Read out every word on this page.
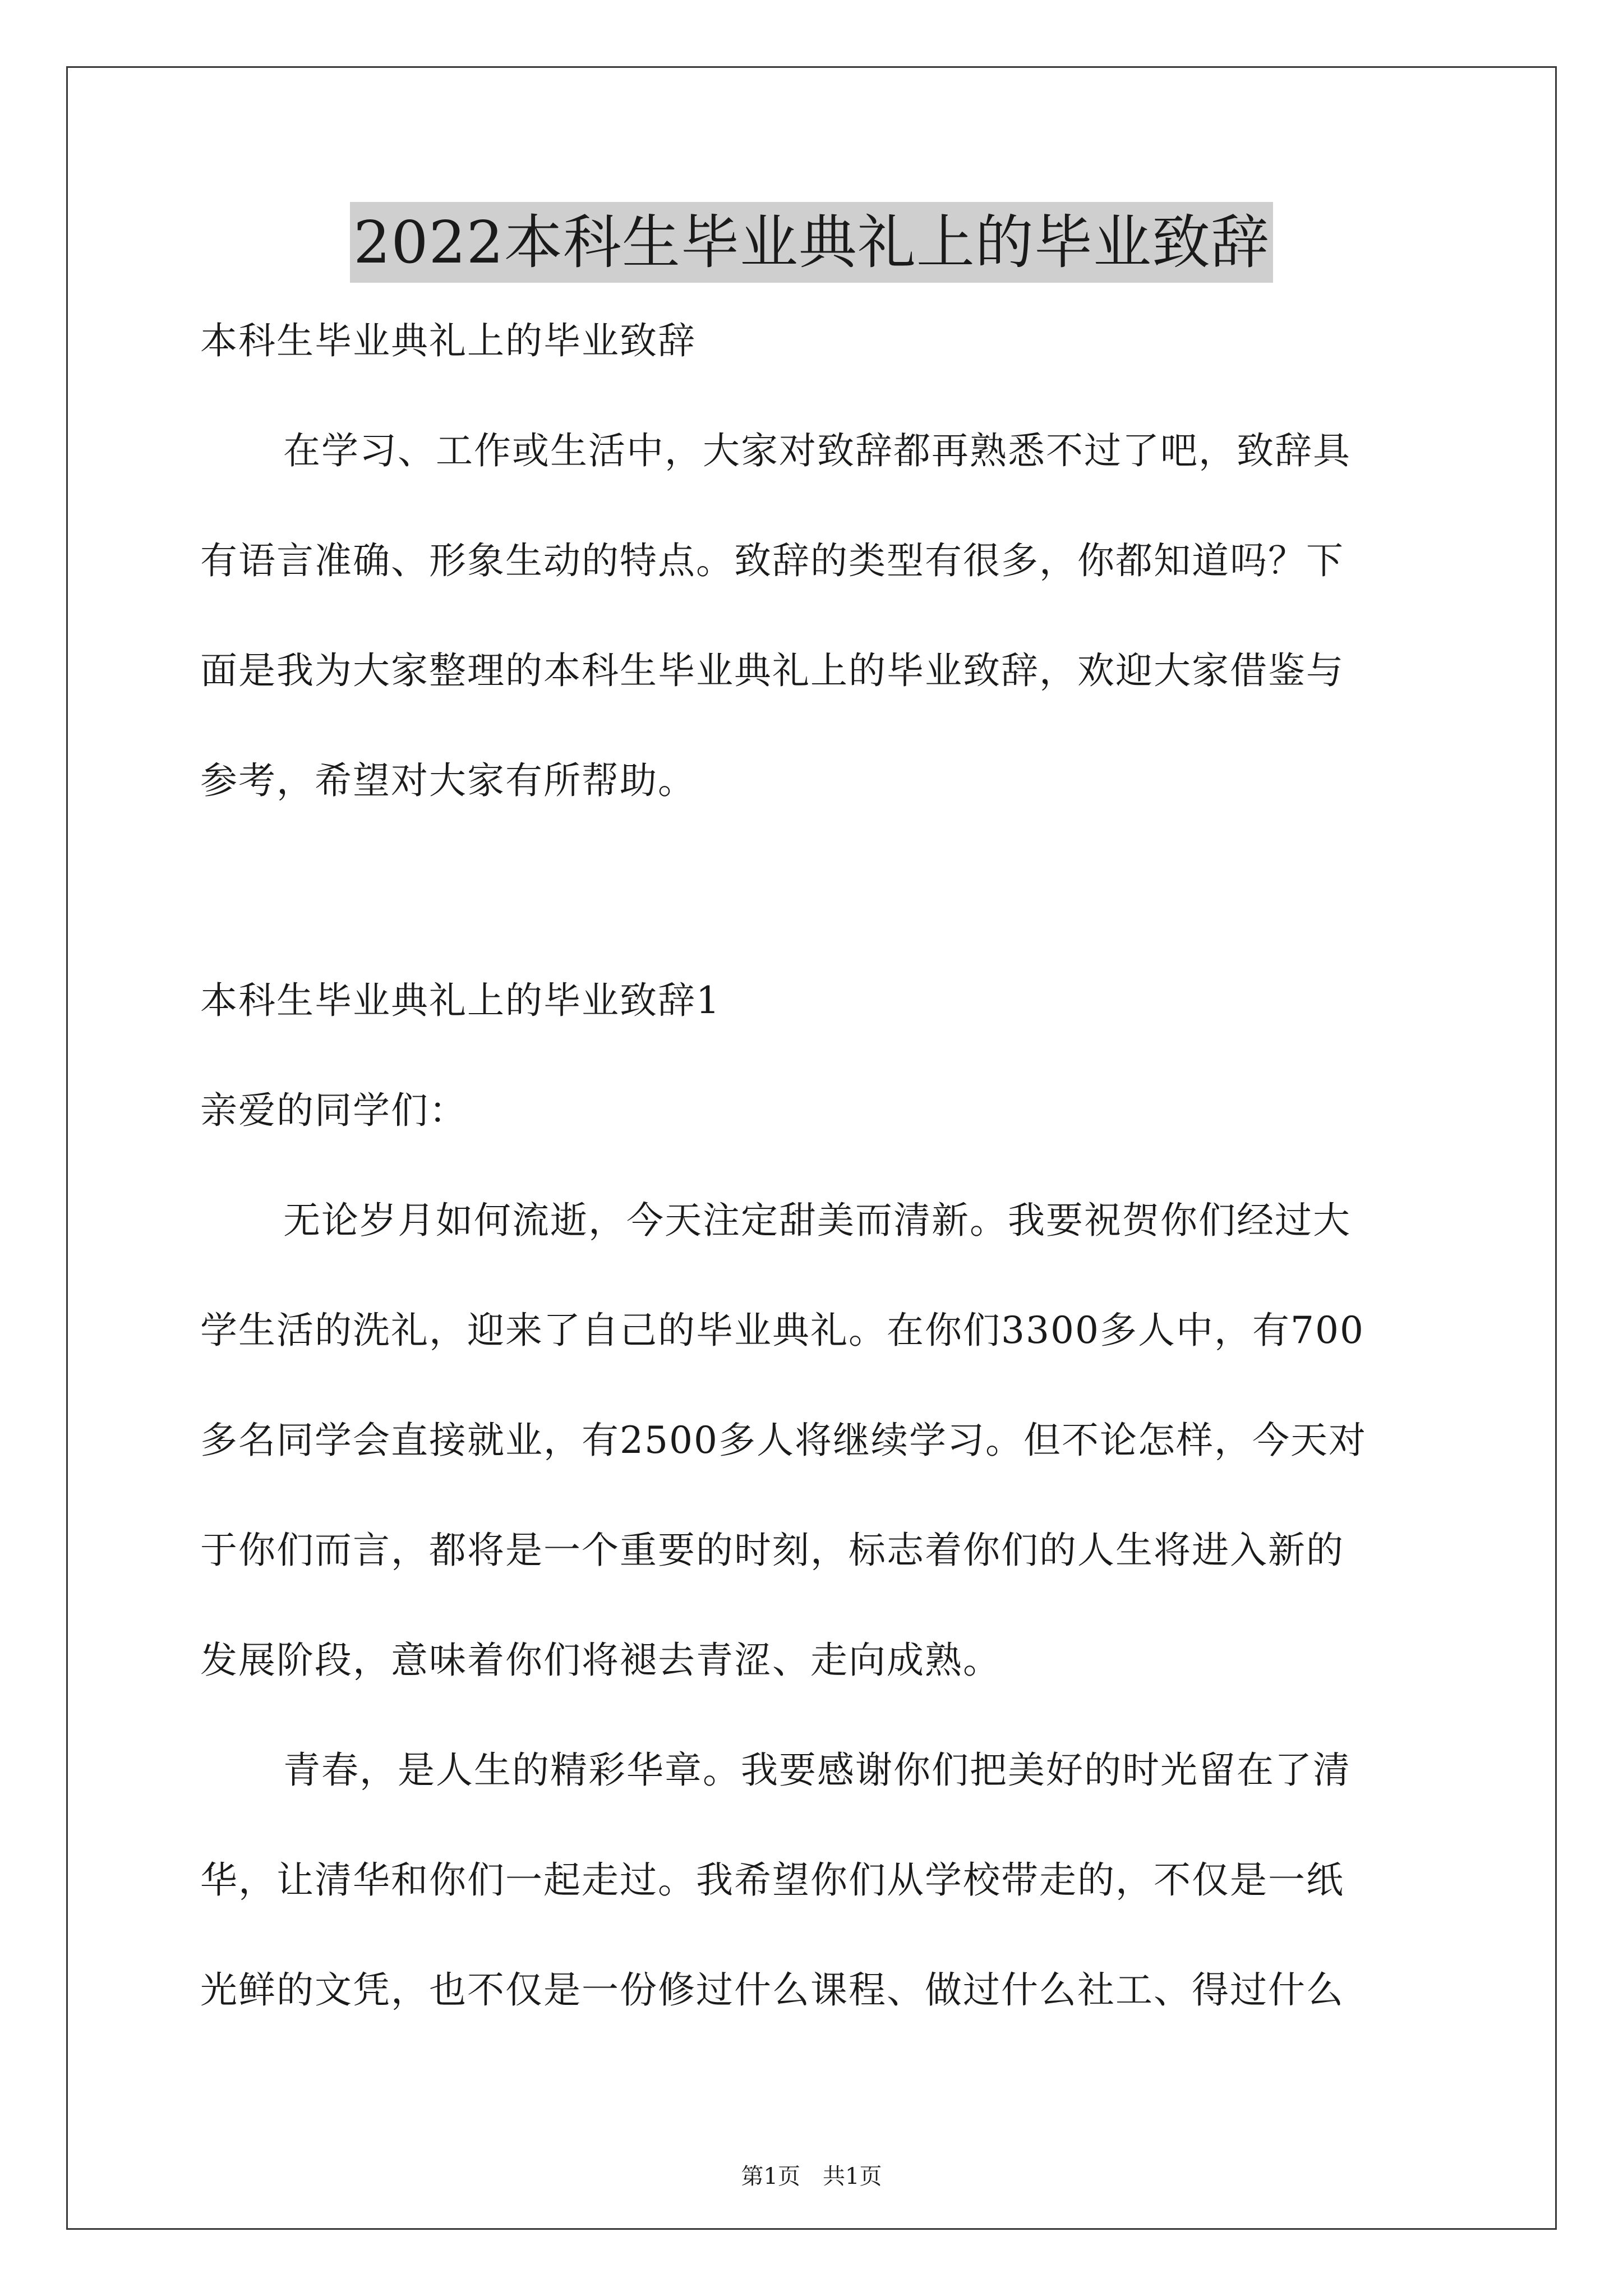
2022本科生毕业典礼上的毕业致辞
本科生毕业典礼上的毕业致辞
在学习、工作或生活中，大家对致辞都再熟悉不过了吧，致辞具
有语言准确、形象生动的特点。致辞的类型有很多，你都知道吗？下
面是我为大家整理的本科生毕业典礼上的毕业致辞，欢迎大家借鉴与
参考，希望对大家有所帮助。
本科生毕业典礼上的毕业致辞1
亲爱的同学们：
无论岁月如何流逝，今天注定甜美而清新。我要祝贺你们经过大
学生活的洗礼，迎来了自己的毕业典礼。在你们3300多人中，有700
多名同学会直接就业，有2500多人将继续学习。但不论怎样，今天对
于你们而言，都将是一个重要的时刻，标志着你们的人生将进入新的
发展阶段，意味着你们将褪去青涩、走向成熟。
青春，是人生的精彩华章。我要感谢你们把美好的时光留在了清
华，让清华和你们一起走过。我希望你们从学校带走的，不仅是一纸
光鲜的文凭，也不仅是一份修过什么课程、做过什么社工、得过什么
第1页　共1页
